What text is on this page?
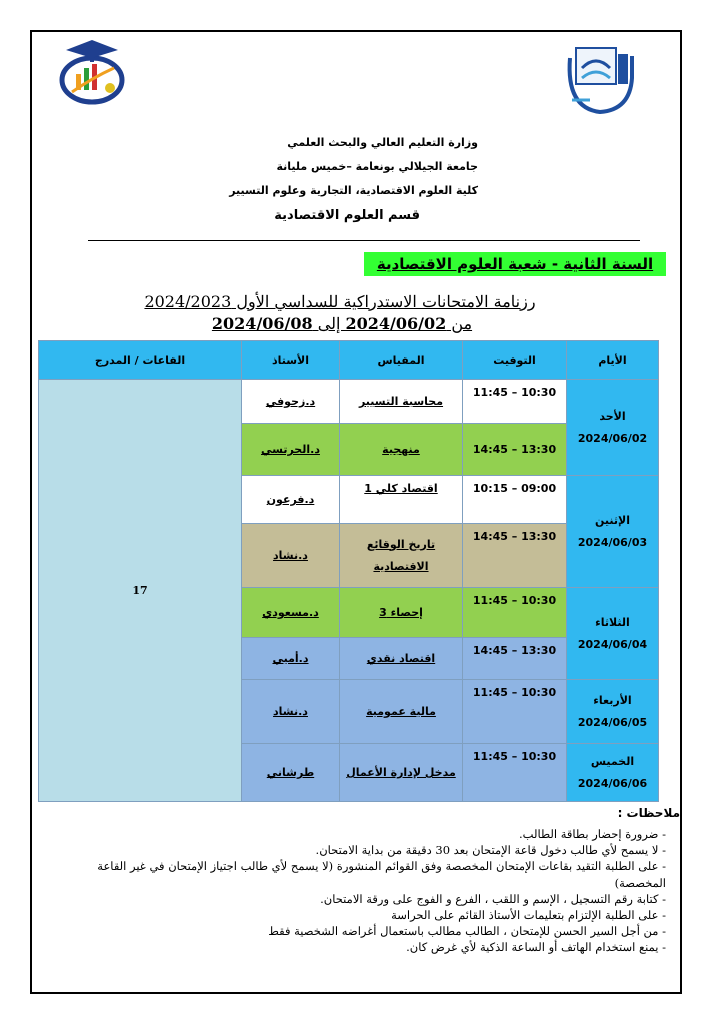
وزارة التعليم العالي والبحث العلمي
جامعة الجيلالي بونعامة –خميس مليانة
كلية العلوم الاقتصادية، التجارية وعلوم التسيير
قسم العلوم الاقتصادية
السنة الثانية - شعبة العلوم الاقتصادية
رزنامة الامتحانات الاستدراكية للسداسي الأول 2024/2023
من 2024/06/02 إلى 2024/06/08
القاعات / المدرج	الأستاذ	المقياس	التوقيت	الأيام
17	د.زحوفي	محاسبة التسيير	11:45 – 10:30	الأحد
2024/06/02

	د.الحرتسي	منهجية	14:45 – 13:30	
	د.فرعون	اقتصاد كلي 1	10:15 – 09:00	الإثنين
2024/06/03

	د.نشاد	تاريخ الوقائع الاقتصادية	14:45 – 13:30	
	د.مسعودي	إحصاء 3	11:45 – 10:30	الثلاثاء
2024/06/04

	د.أميي	اقتصاد نقدي	14:45 – 13:30	
	د.نشاد	مالية عمومية	11:45 – 10:30	الأربعاء
2024/06/05

	طرشاني	مدخل لإدارة الأعمال	11:45 – 10:30	الخميس
2024/06/06
ملاحظات :
- ضرورة إحضار بطاقة الطالب.
- لا يسمح لأي طالب دخول قاعة الإمتحان بعد 30 دقيقة من بداية الامتحان.
- على الطلبة التقيد بقاعات الإمتحان المخصصة وفق القوائم المنشورة (لا يسمح لأي طالب اجتياز الإمتحان في غير القاعة المخصصة)
- كتابة رقم التسجيل ، الإسم و اللقب ، الفرع و الفوج على ورقة الامتحان.
- على الطلبة الإلتزام بتعليمات الأستاذ القائم على الحراسة
- من أجل السير الحسن للإمتحان ، الطالب مطالب باستعمال أغراضه الشخصية فقط
- يمنع استخدام الهاتف أو الساعة الذكية لأي غرض كان.
